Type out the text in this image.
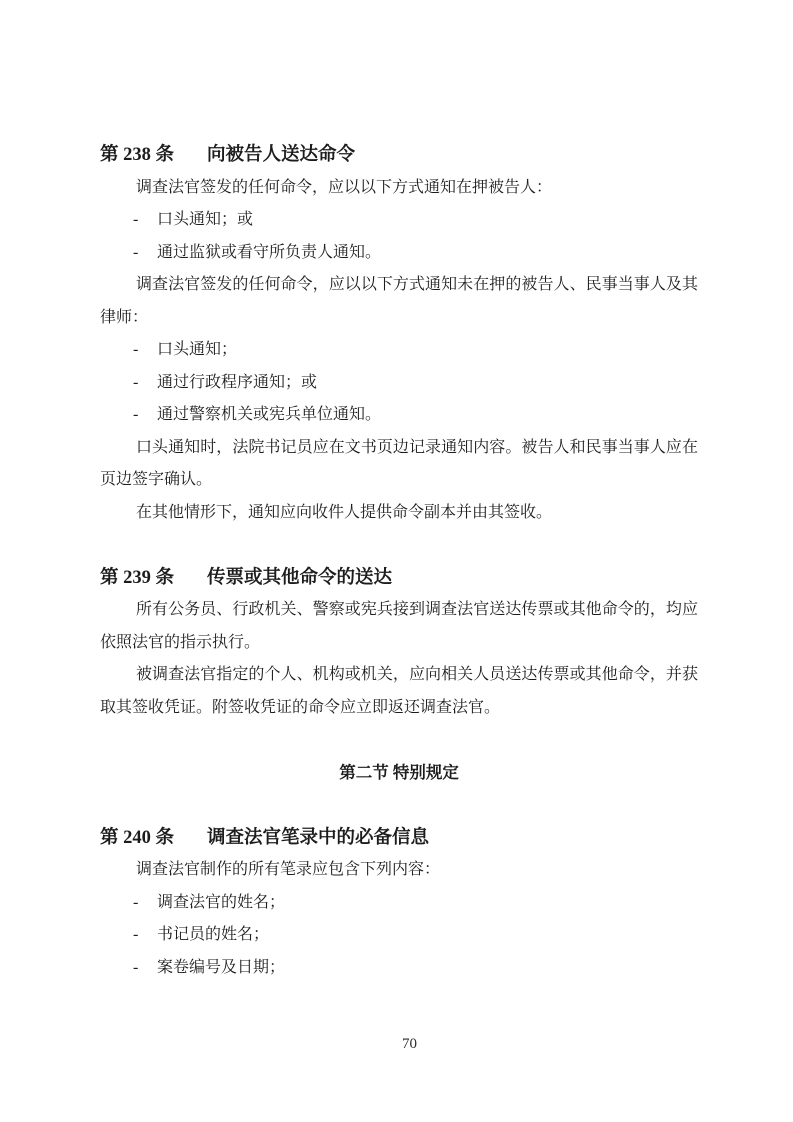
第 238 条 向被告人送达命令
调查法官签发的任何命令，应以以下方式通知在押被告人：
- 口头通知；或
- 通过监狱或看守所负责人通知。
调查法官签发的任何命令，应以以下方式通知未在押的被告人、民事当事人及其律师：
- 口头通知；
- 通过行政程序通知；或
- 通过警察机关或宪兵单位通知。
口头通知时，法院书记员应在文书页边记录通知内容。被告人和民事当事人应在页边签字确认。
在其他情形下，通知应向收件人提供命令副本并由其签收。
第 239 条 传票或其他命令的送达
所有公务员、行政机关、警察或宪兵接到调查法官送达传票或其他命令的，均应依照法官的指示执行。
被调查法官指定的个人、机构或机关，应向相关人员送达传票或其他命令，并获取其签收凭证。附签收凭证的命令应立即返还调查法官。
第二节 特别规定
第 240 条 调查法官笔录中的必备信息
调查法官制作的所有笔录应包含下列内容：
- 调查法官的姓名；
- 书记员的姓名；
- 案卷编号及日期；
70
